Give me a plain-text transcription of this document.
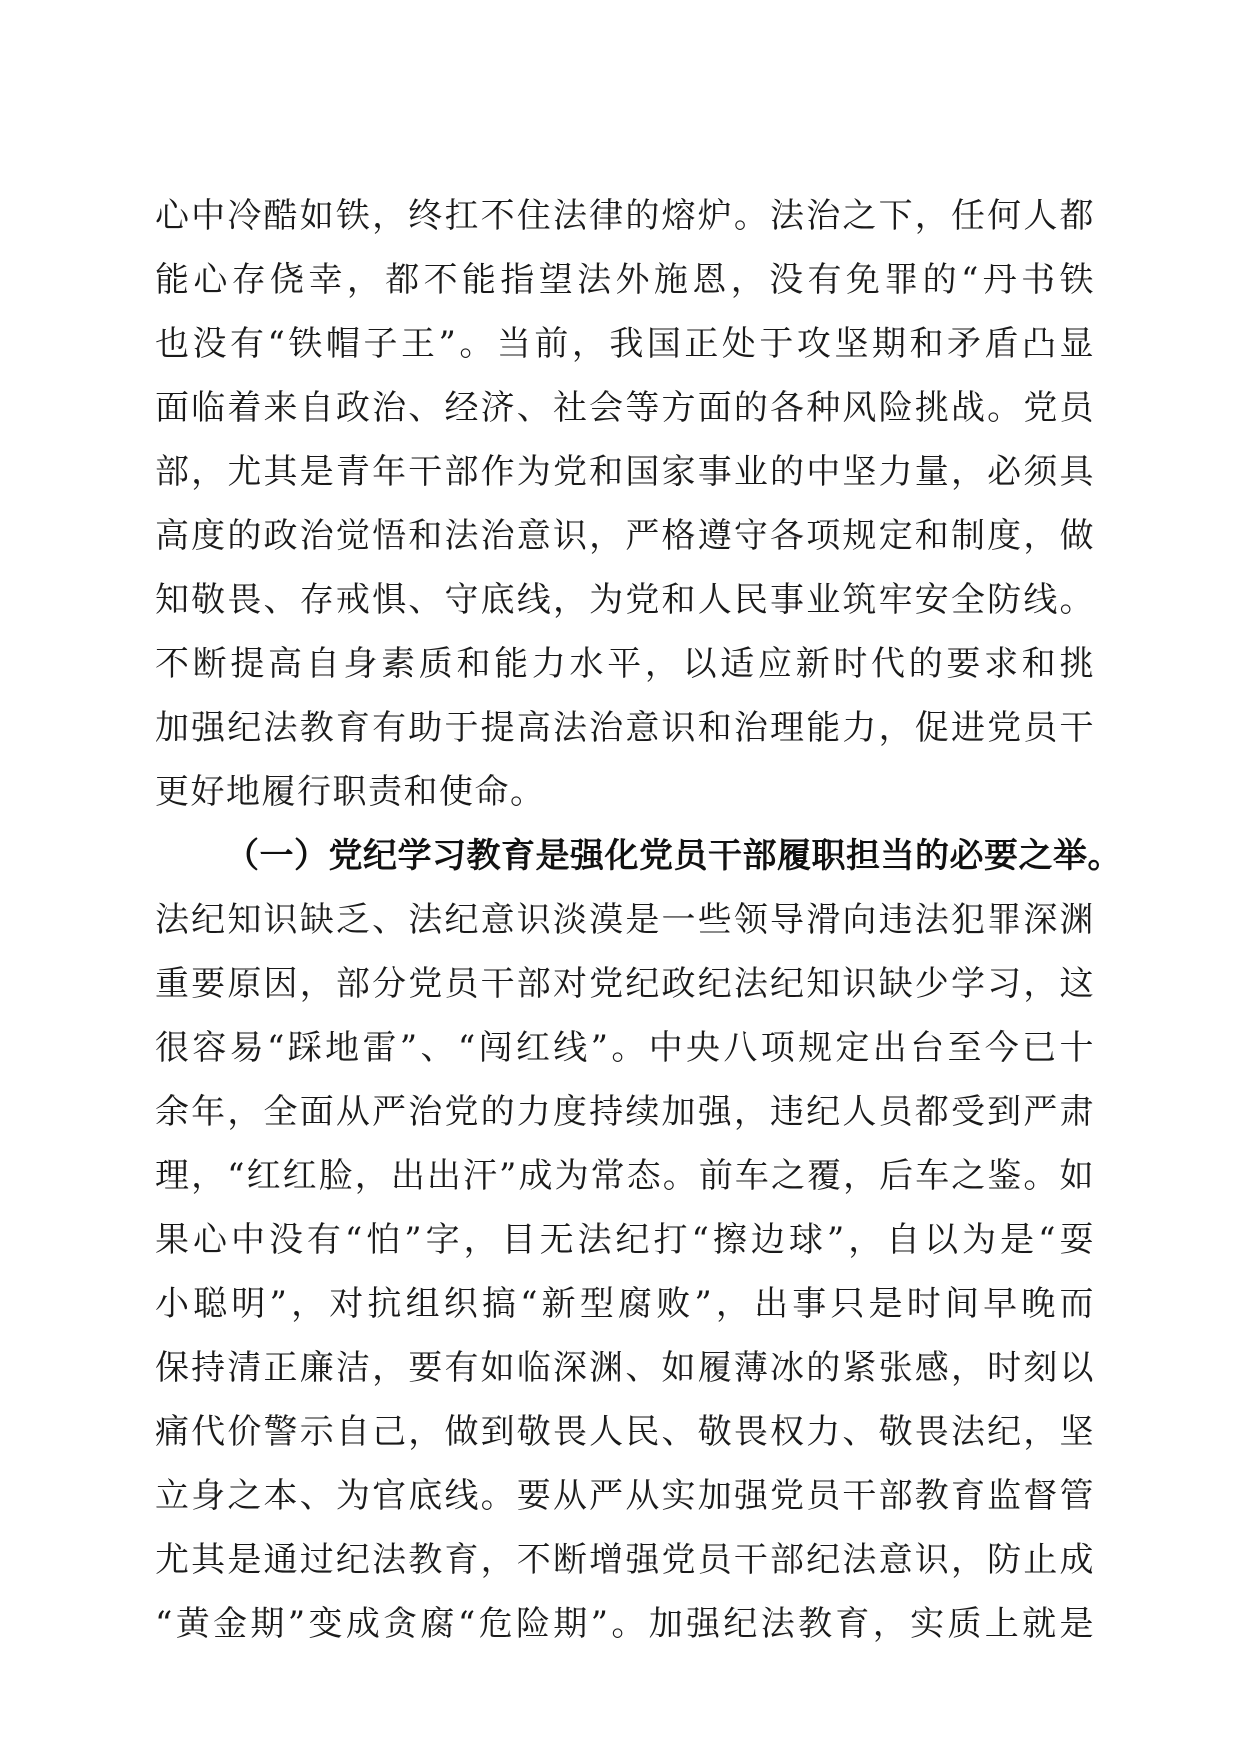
心中冷酷如铁，终扛不住法律的熔炉。法治之下，任何人都
能心存侥幸，都不能指望法外施恩，没有免罪的“丹书铁
也没有“铁帽子王”。当前，我国正处于攻坚期和矛盾凸显
面临着来自政治、经济、社会等方面的各种风险挑战。党员
部，尤其是青年干部作为党和国家事业的中坚力量，必须具
高度的政治觉悟和法治意识，严格遵守各项规定和制度，做
知敬畏、存戒惧、守底线，为党和人民事业筑牢安全防线。
不断提高自身素质和能力水平，以适应新时代的要求和挑
加强纪法教育有助于提高法治意识和治理能力，促进党员干
更好地履行职责和使命。
（一）党纪学习教育是强化党员干部履职担当的必要之举。
法纪知识缺乏、法纪意识淡漠是一些领导滑向违法犯罪深渊
重要原因，部分党员干部对党纪政纪法纪知识缺少学习，这
很容易“踩地雷”、“闯红线”。中央八项规定出台至今已十
余年，全面从严治党的力度持续加强，违纪人员都受到严肃
理，“红红脸，出出汗”成为常态。前车之覆，后车之鉴。如
果心中没有“怕”字，目无法纪打“擦边球”，自以为是“耍
小聪明”，对抗组织搞“新型腐败”，出事只是时间早晚而
保持清正廉洁，要有如临深渊、如履薄冰的紧张感，时刻以
痛代价警示自己，做到敬畏人民、敬畏权力、敬畏法纪，坚
立身之本、为官底线。要从严从实加强党员干部教育监督管
尤其是通过纪法教育，不断增强党员干部纪法意识，防止成
“黄金期”变成贪腐“危险期”。加强纪法教育，实质上就是
